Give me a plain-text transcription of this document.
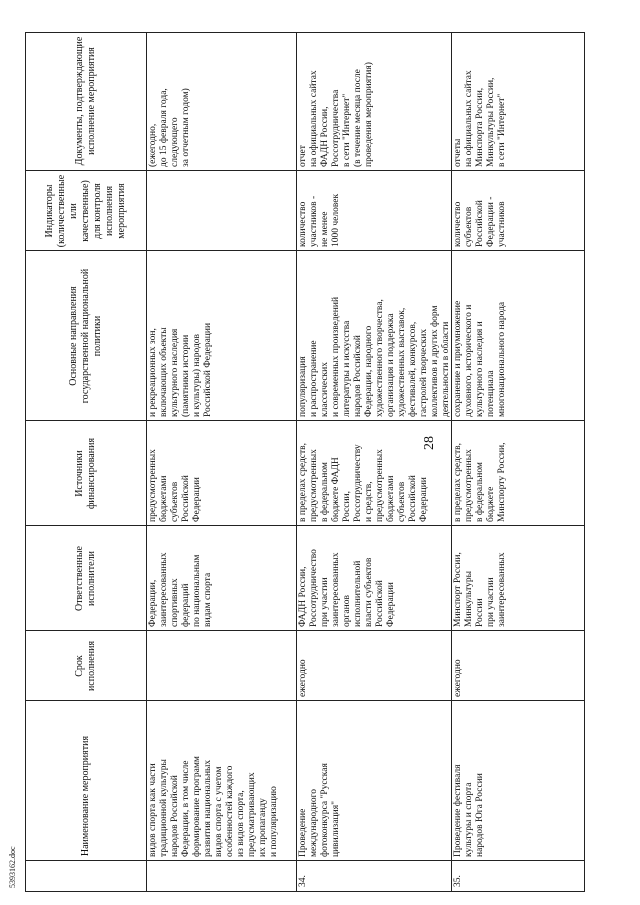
Наименование мероприятия
Срок исполнения
Ответственные исполнители
Источники финансирования
Основные направления государственной национальной политики
Индикаторы (количественные или качественные) для контроля исполнения мероприятия
Документы, подтверждающие исполнение мероприятия
видов спорта как части
традиционной культуры
народов Российской
Федерации, в том числе
формирование программ
развития национальных
видов спорта с учетом
особенностей каждого
из видов спорта,
предусматривающих
их пропаганду
и популяризацию
Федерации,
заинтересованных
спортивных
федераций
по национальным
видам спорта
предусмотренных
бюджетами
субъектов
Российской
Федерации
и рекреационных зон,
включающих объекты
культурного наследия
(памятники истории
и культуры) народов
Российской Федерации
(ежегодно,
до 15 февраля года,
следующего
за отчетным годом)
34.
Проведение
международного
фотоконкурса "Русская
цивилизация"
ежегодно
ФАДН России,
Россотрудничество
при участии
заинтересованных
органов
исполнительной
власти субъектов
Российской
Федерации
в пределах средств,
предусмотренных
в федеральном
бюджете ФАДН
России,
Россотрудничеству
и средств,
предусмотренных
бюджетами
субъектов
Российской
Федерации
популяризация
и распространение
классических
и современных произведений
литературы и искусства
народов Российской
Федерации, народного
художественного творчества,
организация и поддержка
художественных выставок,
фестивалей, конкурсов,
гастролей творческих
коллективов и других форм
деятельности в области

количество
участников -
не менее
1000 человек
отчет
на официальных сайтах
ФАДН России,
Россотрудничества
в сети "Интернет"
(в течение месяца после
проведения мероприятия)
35.
Проведение фестиваля
культуры и спорта
народов Юга России
ежегодно
Минспорт России,
Минкультуры
России
при участии
заинтересованных
в пределах средств,
предусмотренных
в федеральном
бюджете
Минспорту России,
сохранение и приумножение
духовного, исторического и
культурного наследия и
потенциала
многонационального народа
количество
субъектов
Российской
Федерации -
участников
отчеты
на официальных сайтах
Минспорта России,
Минкультуры России,
в сети "Интернет"
28
5393162.doc
